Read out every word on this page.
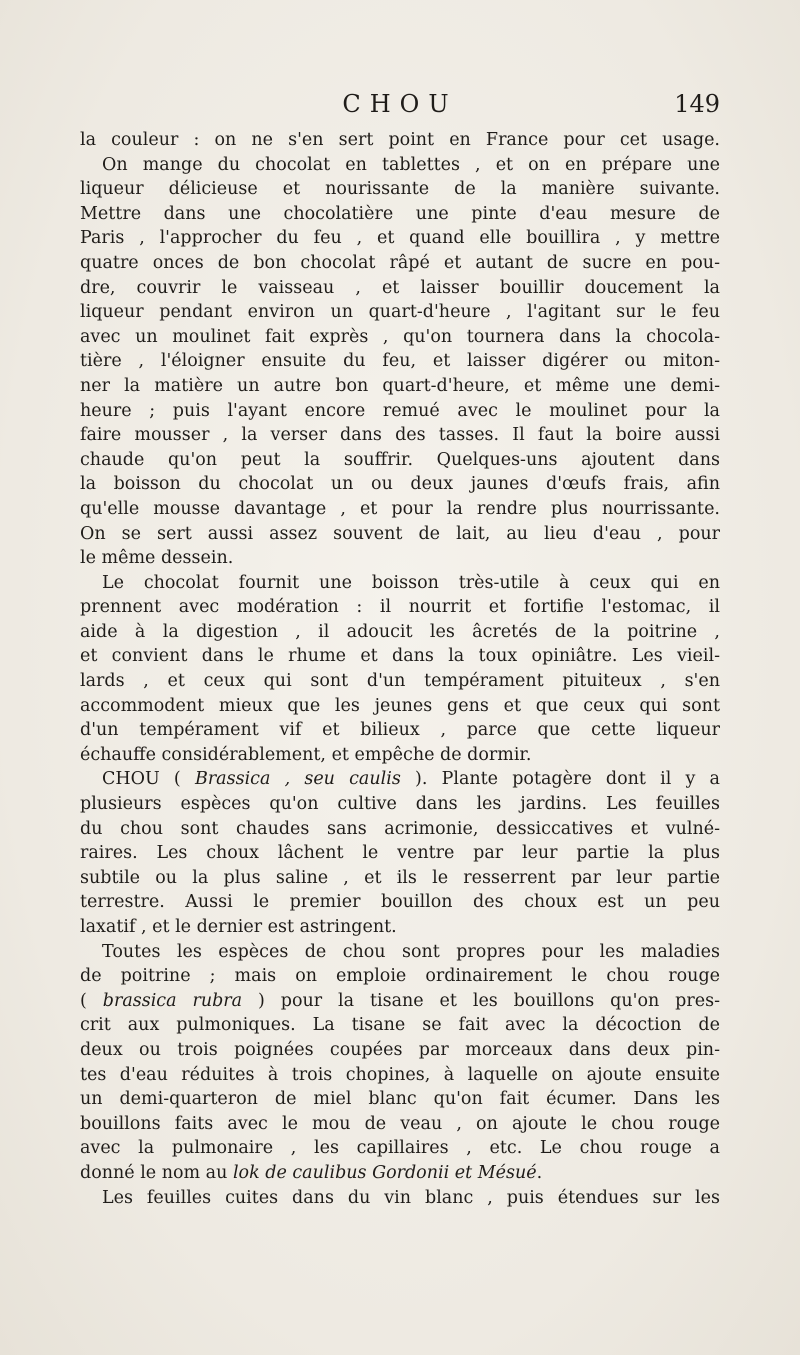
CHOU	149
la couleur : on ne s'en sert point en France pour cet usage.
On mange du chocolat en tablettes , et on en prépare une
liqueur délicieuse et nourissante de la manière suivante.
Mettre dans une chocolatière une pinte d'eau mesure de
Paris , l'approcher du feu , et quand elle bouillira , y mettre
quatre onces de bon chocolat râpé et autant de sucre en pou-
dre, couvrir le vaisseau , et laisser bouillir doucement la
liqueur pendant environ un quart-d'heure , l'agitant sur le feu
avec un moulinet fait exprès , qu'on tournera dans la chocola-
tière , l'éloigner ensuite du feu, et laisser digérer ou miton-
ner la matière un autre bon quart-d'heure, et même une demi-
heure ; puis l'ayant encore remué avec le moulinet pour la
faire mousser , la verser dans des tasses. Il faut la boire aussi
chaude qu'on peut la souffrir. Quelques-uns ajoutent dans
la boisson du chocolat un ou deux jaunes d'œufs frais, afin
qu'elle mousse davantage , et pour la rendre plus nourrissante.
On se sert aussi assez souvent de lait, au lieu d'eau , pour
le même dessein.
Le chocolat fournit une boisson très-utile à ceux qui en
prennent avec modération : il nourrit et fortifie l'estomac, il
aide à la digestion , il adoucit les âcretés de la poitrine ,
et convient dans le rhume et dans la toux opiniâtre. Les vieil-
lards , et ceux qui sont d'un tempérament pituiteux , s'en
accommodent mieux que les jeunes gens et que ceux qui sont
d'un tempérament vif et bilieux , parce que cette liqueur
échauffe considérablement, et empêche de dormir.
CHOU ( Brassica , seu caulis ). Plante potagère dont il y a
plusieurs espèces qu'on cultive dans les jardins. Les feuilles
du chou sont chaudes sans acrimonie, dessiccatives et vulné-
raires. Les choux lâchent le ventre par leur partie la plus
subtile ou la plus saline , et ils le resserrent par leur partie
terrestre. Aussi le premier bouillon des choux est un peu
laxatif , et le dernier est astringent.
Toutes les espèces de chou sont propres pour les maladies
de poitrine ; mais on emploie ordinairement le chou rouge
( brassica rubra ) pour la tisane et les bouillons qu'on pres-
crit aux pulmoniques. La tisane se fait avec la décoction de
deux ou trois poignées coupées par morceaux dans deux pin-
tes d'eau réduites à trois chopines, à laquelle on ajoute ensuite
un demi-quarteron de miel blanc qu'on fait écumer. Dans les
bouillons faits avec le mou de veau , on ajoute le chou rouge
avec la pulmonaire , les capillaires , etc. Le chou rouge a
donné le nom au lok de caulibus Gordonii et Mésué.
Les feuilles cuites dans du vin blanc , puis étendues sur les
